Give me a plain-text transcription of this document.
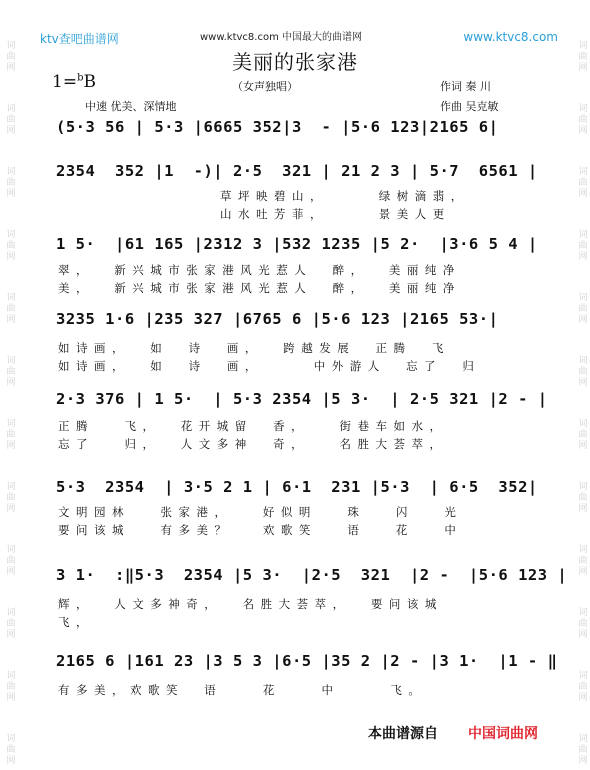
词曲网
词曲网
词曲网
词曲网
词曲网
词曲网
词曲网
词曲网
词曲网
词曲网
词曲网
词曲网
词曲网
词曲网
词曲网
词曲网
词曲网
词曲网
词曲网
词曲网
词曲网
词曲网
词曲网
词曲网
ktv查吧曲谱网	www.ktvc8.com 中国最大的曲谱网	www.ktvc8.com
美丽的张家港
1=$^b$B	（女声独唱）	作词 秦 川
中速 优美、深情地	作曲 吴克敏
(5·3 56 | 5·3 |6665 352|3  - |5·6 123|2165 6|
2354  352 |1  -)| 2·5  321 | 21 2 3 | 5·7  6561 |
草坪映碧山，     绿树滴翡，
山水吐芳菲，     景美人更
1 5·  |61 165 |2312 3 |532 1235 |5 2·  |3·6 5 4 |
翠，  新兴城市张家港风光惹人  醉，  美丽纯净
美，  新兴城市张家港风光惹人  醉，  美丽纯净
3235 1·6 |235 327 |6765 6 |5·6 123 |2165 53·|
如诗画，  如  诗  画，  跨越发展  正腾  飞
如诗画，  如  诗  画，     中外游人  忘了  归
2·3 376 | 1 5·  | 5·3 2354 |5 3·  | 2·5 321 |2 - |
正腾   飞，  花开城留  香，   街巷车如水，
忘了   归，  人文多神  奇，   名胜大荟萃，
5·3  2354  | 3·5 2 1 | 6·1  231 |5·3  | 6·5  352|
文明园林   张家港，   好似明   珠   闪   光
要问该城   有多美？   欢歌笑   语   花   中
3 1·  :‖5·3  2354 |5 3·  |2·5  321  |2 -  |5·6 123 |
辉，  人文多神奇，  名胜大荟萃，  要问该城
飞，
2165 6 |161 23 |3 5 3 |6·5 |35 2 |2 - |3 1·  |1 - ‖
有多美，欢歌笑  语    花    中     飞。
本曲谱源自 中国词曲网
